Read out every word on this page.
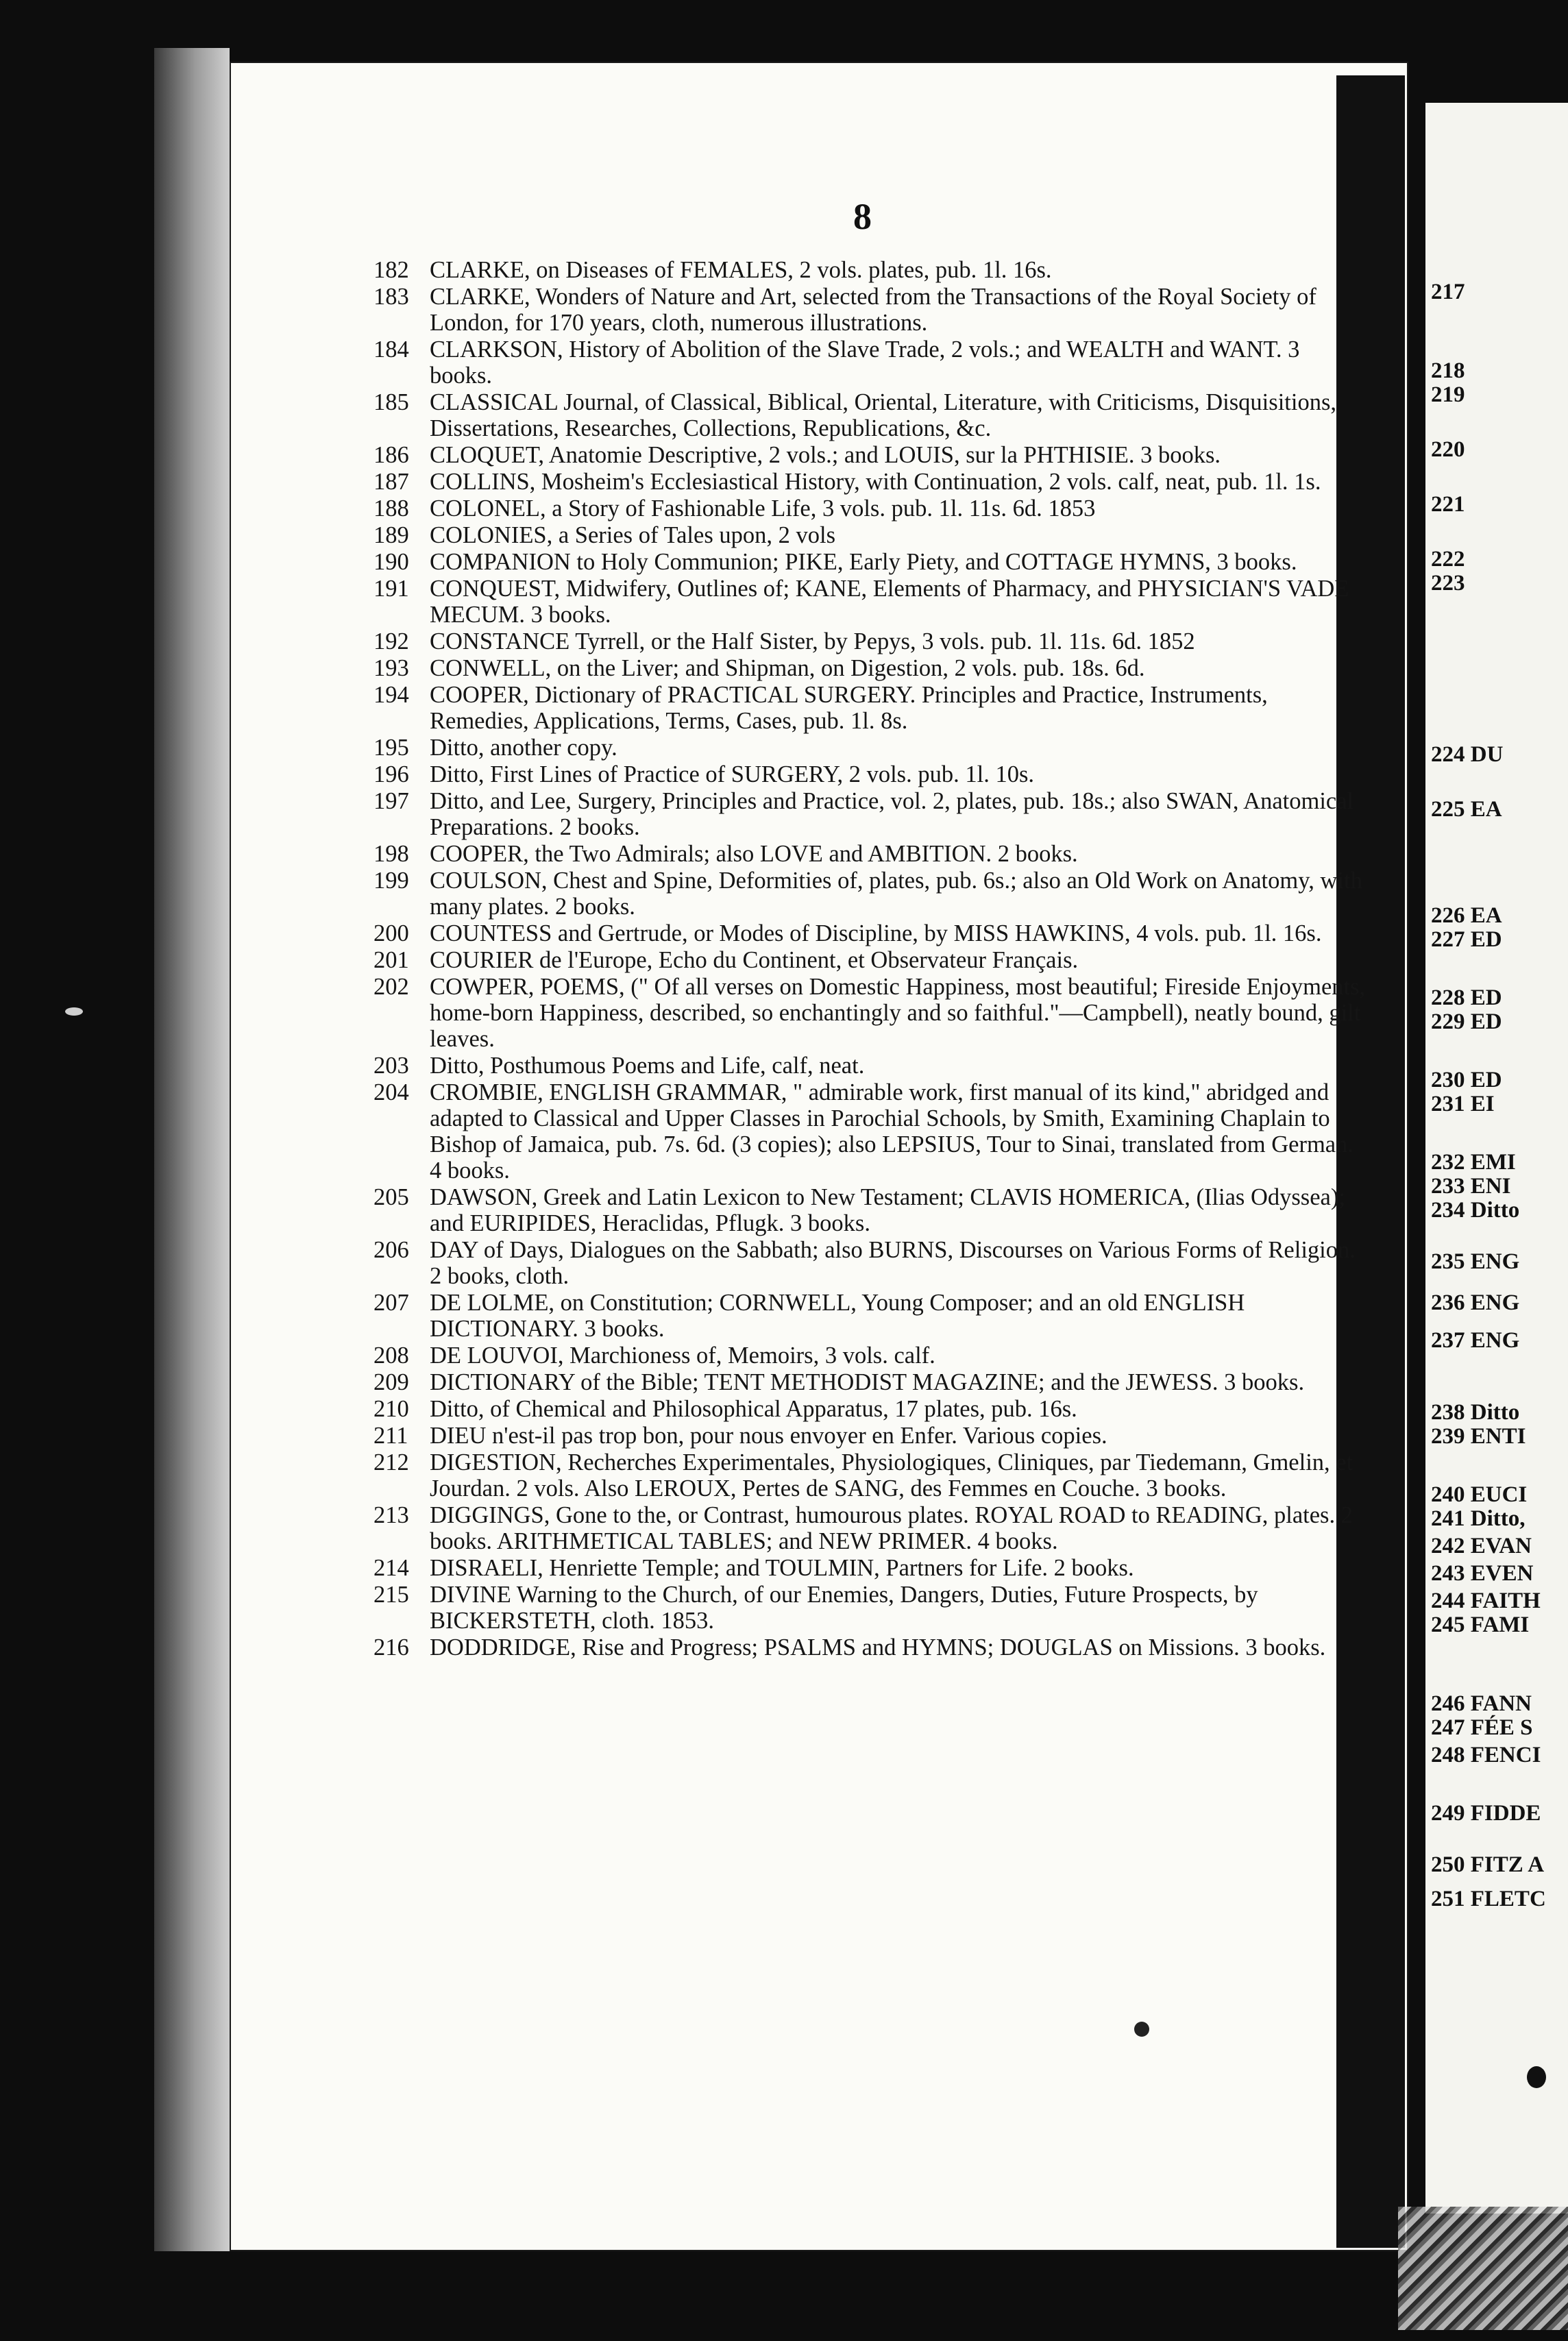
8
182 CLARKE, on Diseases of FEMALES, 2 vols. plates, pub. 1l. 16s.
183 CLARKE, Wonders of Nature and Art, selected from the Transactions of the Royal Society of London, for 170 years, cloth, numerous illustrations.
184 CLARKSON, History of Abolition of the Slave Trade, 2 vols.; and WEALTH and WANT. 3 books.
185 CLASSICAL Journal, of Classical, Biblical, Oriental, Literature, with Criticisms, Disquisitions, Dissertations, Researches, Collections, Republications, &c.
186 CLOQUET, Anatomie Descriptive, 2 vols.; and LOUIS, sur la PHTHISIE. 3 books.
187 COLLINS, Mosheim's Ecclesiastical History, with Continuation, 2 vols. calf, neat, pub. 1l. 1s.
188 COLONEL, a Story of Fashionable Life, 3 vols. pub. 1l. 11s. 6d. 1853
189 COLONIES, a Series of Tales upon, 2 vols
190 COMPANION to Holy Communion; PIKE, Early Piety, and COTTAGE HYMNS, 3 books.
191 CONQUEST, Midwifery, Outlines of; KANE, Elements of Pharmacy, and PHYSICIAN'S VADE MECUM. 3 books.
192 CONSTANCE Tyrrell, or the Half Sister, by Pepys, 3 vols. pub. 1l. 11s. 6d. 1852
193 CONWELL, on the Liver; and Shipman, on Digestion, 2 vols. pub. 18s. 6d.
194 COOPER, Dictionary of PRACTICAL SURGERY. Principles and Practice, Instruments, Remedies, Applications, Terms, Cases, pub. 1l. 8s.
195 Ditto, another copy.
196 Ditto, First Lines of Practice of SURGERY, 2 vols. pub. 1l. 10s.
197 Ditto, and Lee, Surgery, Principles and Practice, vol. 2, plates, pub. 18s.; also SWAN, Anatomical Preparations. 2 books.
198 COOPER, the Two Admirals; also LOVE and AMBITION. 2 books.
199 COULSON, Chest and Spine, Deformities of, plates, pub. 6s.; also an Old Work on Anatomy, with many plates. 2 books.
200 COUNTESS and Gertrude, or Modes of Discipline, by MISS HAWKINS, 4 vols. pub. 1l. 16s.
201 COURIER de l'Europe, Echo du Continent, et Observateur Français.
202 COWPER, POEMS, (" Of all verses on Domestic Happiness, most beautiful; Fireside Enjoyments, home-born Happiness, described, so enchantingly and so faithful."—Campbell), neatly bound, gilt leaves.
203 Ditto, Posthumous Poems and Life, calf, neat.
204 CROMBIE, ENGLISH GRAMMAR, " admirable work, first manual of its kind," abridged and adapted to Classical and Upper Classes in Parochial Schools, by Smith, Examining Chaplain to Bishop of Jamaica, pub. 7s. 6d. (3 copies); also LEPSIUS, Tour to Sinai, translated from German. 4 books.
205 DAWSON, Greek and Latin Lexicon to New Testament; CLAVIS HOMERICA, (Ilias Odyssea); and EURIPIDES, Heraclidas, Pflugk. 3 books.
206 DAY of Days, Dialogues on the Sabbath; also BURNS, Discourses on Various Forms of Religion. 2 books, cloth.
207 DE LOLME, on Constitution; CORNWELL, Young Composer; and an old ENGLISH DICTIONARY. 3 books.
208 DE LOUVOI, Marchioness of, Memoirs, 3 vols. calf.
209 DICTIONARY of the Bible; TENT METHODIST MAGAZINE; and the JEWESS. 3 books.
210 Ditto, of Chemical and Philosophical Apparatus, 17 plates, pub. 16s.
211 DIEU n'est-il pas trop bon, pour nous envoyer en Enfer. Various copies.
212 DIGESTION, Recherches Experimentales, Physiologiques, Cliniques, par Tiedemann, Gmelin, et Jourdan. 2 vols. Also LEROUX, Pertes de SANG, des Femmes en Couche. 3 books.
213 DIGGINGS, Gone to the, or Contrast, humourous plates. ROYAL ROAD to READING, plates. 2 books. ARITHMETICAL TABLES; and NEW PRIMER. 4 books.
214 DISRAELI, Henriette Temple; and TOULMIN, Partners for Life. 2 books.
215 DIVINE Warning to the Church, of our Enemies, Dangers, Duties, Future Prospects, by BICKERSTETH, cloth. 1853.
216 DODDRIDGE, Rise and Progress; PSALMS and HYMNS; DOUGLAS on Missions. 3 books.
217
218
219
220
221
222
223
224 DU
225 EA
226 EA
227 ED
228 ED
229 ED
230 ED
231 EI
232 EMI
233 ENI
234 Ditto
235 ENG
236 ENG
237 ENG
238 Ditto
239 ENTI
240 EUCI
241 Ditto,
242 EVAN
243 EVEN
244 FAITH
245 FAMI
246 FANN
247 FÉE S
248 FENCI
249 FIDDE
250 FITZ A
251 FLETC
